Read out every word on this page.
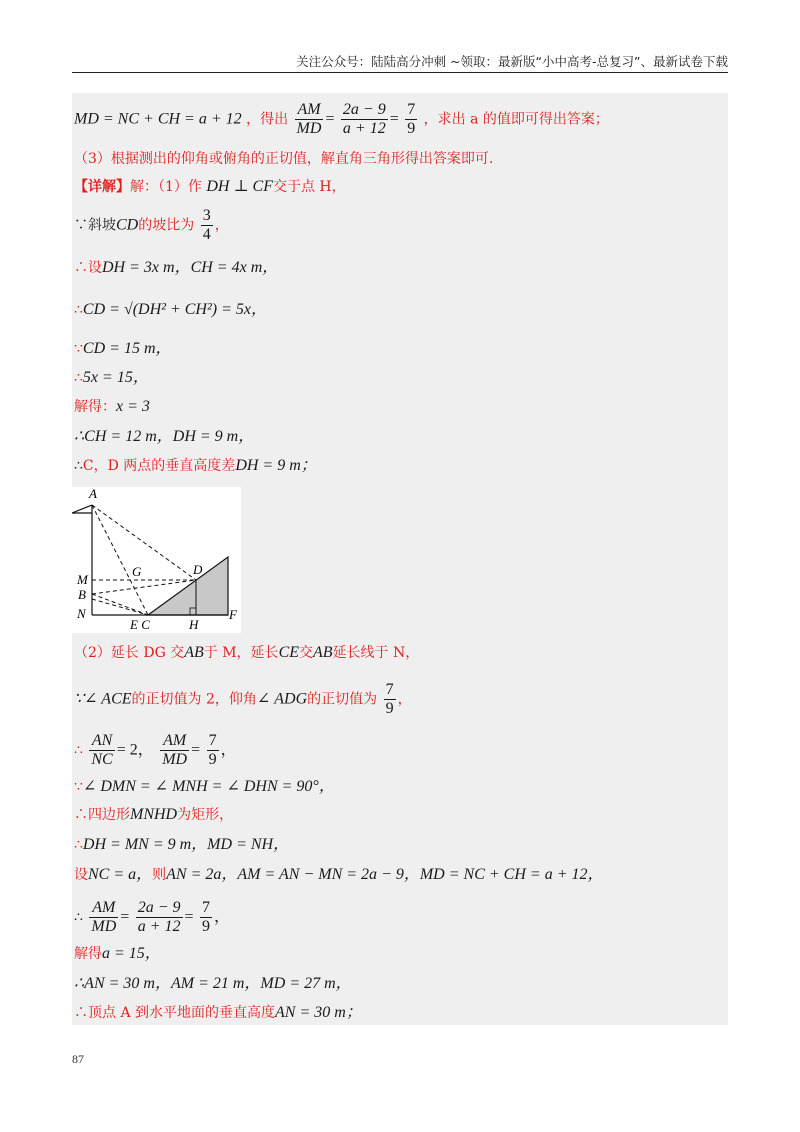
关注公众号：陆陆高分冲刺 ~领取：最新版“小中高考-总复习”、最新试卷下载
MD = NC + CH = a + 12 ，得出 $\frac{AM}{MD} = \frac{2a - 9}{a + 12} = \frac{7}{9}$ ，求出 a 的值即可得出答案；
（3）根据测出的仰角或俯角的正切值，解直角三角形得出答案即可.
【详解】解：（1）作 DH ⊥ CF交于点 H，
∵斜坡CD的坡比为 $\frac{3}{4}$ ，
∴设DH = 3x m，CH = 4x m，
∴CD = √(DH² + CH²) = 5x，
∵CD = 15 m，
∴5x = 15，
解得：x = 3
∴CH = 12 m，DH = 9 m，
∴C，D 两点的垂直高度差DH = 9 m；
（2）延长 DG 交AB于 M，延长CE交AB延长线于 N，
∵∠ ACE的正切值为 2，仰角∠ ADG的正切值为 $\frac{7}{9}$ ，
∴ $\frac{AN}{NC} = 2$， $\frac{AM}{MD} = \frac{7}{9}$ ，
∵∠ DMN = ∠ MNH = ∠ DHN = 90°，
∴四边形MNHD为矩形，
∴DH = MN = 9 m，MD = NH，
设NC = a，则AN = 2a，AM = AN − MN = 2a − 9，MD = NC + CH = a + 12，
∴ $\frac{AM}{MD} = \frac{2a - 9}{a + 12} = \frac{7}{9}$ ，
解得a = 15，
∴AN = 30 m，AM = 21 m，MD = 27 m，
∴顶点 A 到水平地面的垂直高度AN = 30 m；
A
G	D
M
B
N
E C	H
F
87
